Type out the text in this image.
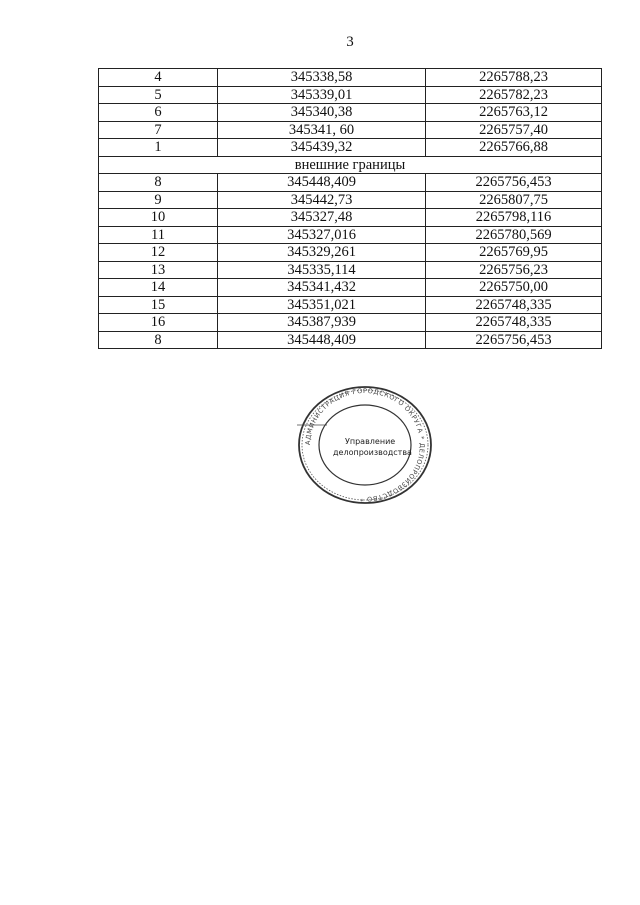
3
4	345338,58	2265788,23
5	345339,01	2265782,23
6	345340,38	2265763,12
7	345341, 60	2265757,40
1	345439,32	2265766,88
внешние границы		
8	345448,409	2265756,453
9	345442,73	2265807,75
10	345327,48	2265798,116
11	345327,016	2265780,569
12	345329,261	2265769,95
13	345335,114	2265756,23
14	345341,432	2265750,00
15	345351,021	2265748,335
16	345387,939	2265748,335
8	345448,409	2265756,453
АДМИНИСТРАЦИЯ ГОРОДСКОГО ОКРУГА * ДЕЛОПРОИЗВОДСТВО *
Управление
делопроизводства
